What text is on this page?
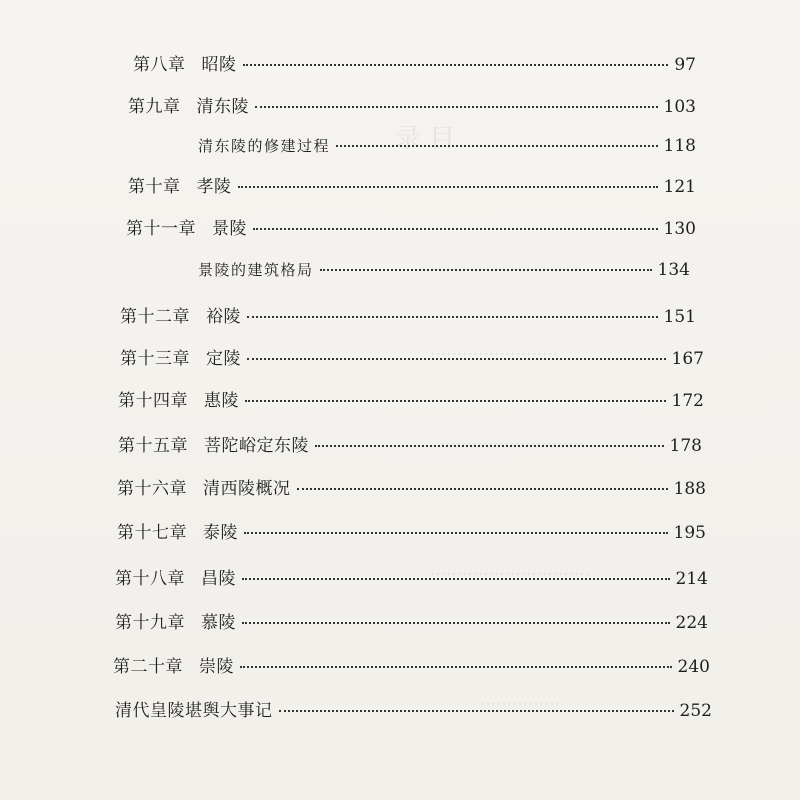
录 目
…………………………
……………………
………………………
…………………………
……………
第八章 昭陵	97
第九章 清东陵	103
清东陵的修建过程	118
第十章 孝陵	121
第十一章 景陵	130
景陵的建筑格局	134
第十二章 裕陵	151
第十三章 定陵	167
第十四章 惠陵	172
第十五章 菩陀峪定东陵	178
第十六章 清西陵概况	188
第十七章 泰陵	195
第十八章 昌陵	214
第十九章 慕陵	224
第二十章 崇陵	240
清代皇陵堪舆大事记	252
